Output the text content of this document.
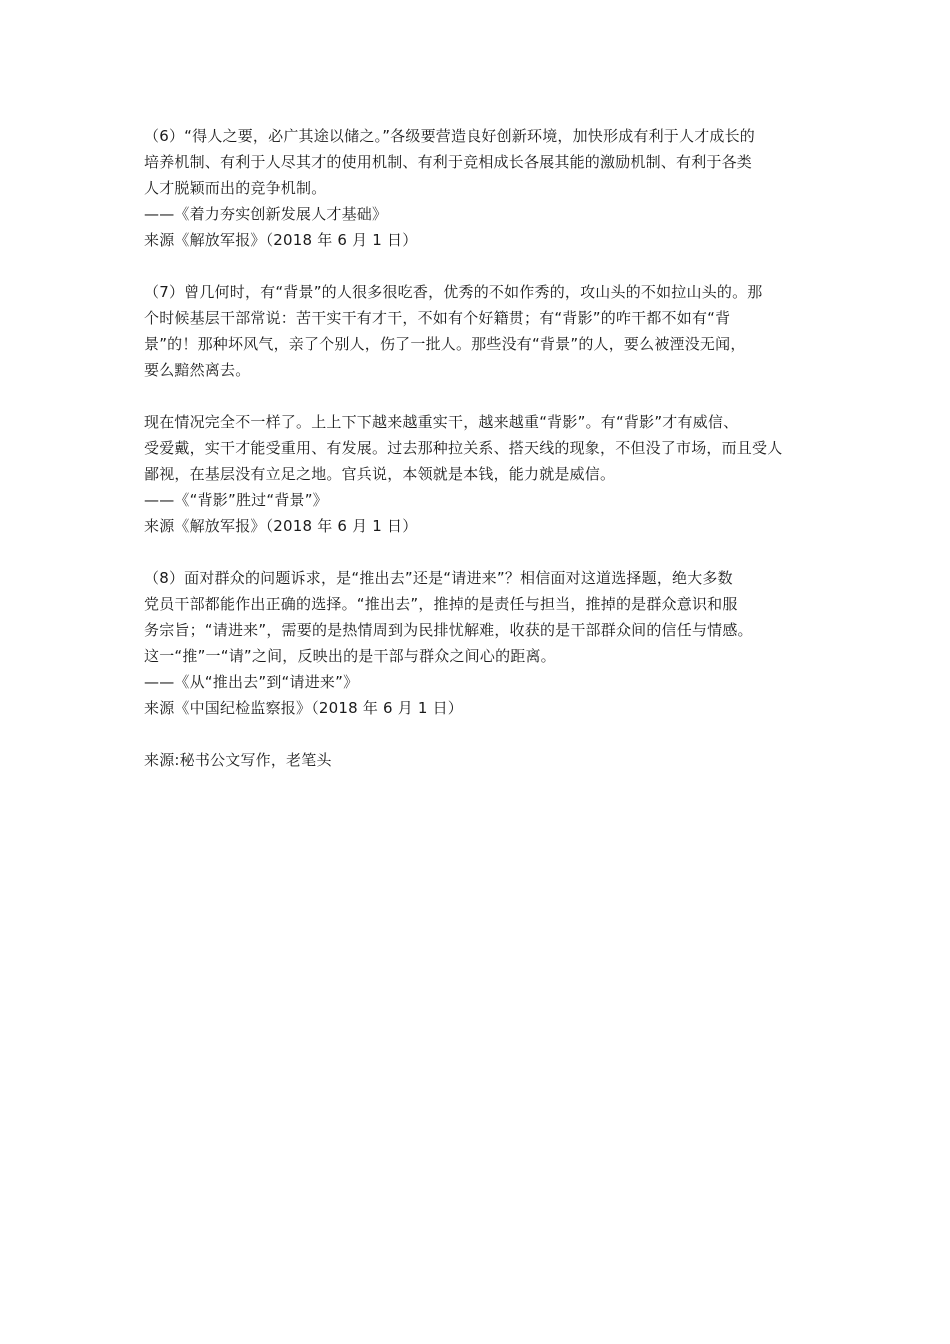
（6）“得人之要，必广其途以储之。”各级要营造良好创新环境，加快形成有利于人才成长的
培养机制、有利于人尽其才的使用机制、有利于竞相成长各展其能的激励机制、有利于各类
人才脱颖而出的竞争机制。
——《着力夯实创新发展人才基础》
来源《解放军报》（2018 年 6 月 1 日）
（7）曾几何时，有“背景”的人很多很吃香，优秀的不如作秀的，攻山头的不如拉山头的。那
个时候基层干部常说：苦干实干有才干，不如有个好籍贯；有“背影”的咋干都不如有“背
景”的！那种坏风气，亲了个别人，伤了一批人。那些没有“背景”的人，要么被湮没无闻，
要么黯然离去。
现在情况完全不一样了。上上下下越来越重实干，越来越重“背影”。有“背影”才有威信、
受爱戴，实干才能受重用、有发展。过去那种拉关系、搭天线的现象，不但没了市场，而且受人
鄙视，在基层没有立足之地。官兵说，本领就是本钱，能力就是威信。
——《“背影”胜过“背景”》
来源《解放军报》（2018 年 6 月 1 日）
（8）面对群众的问题诉求，是“推出去”还是“请进来”？相信面对这道选择题，绝大多数
党员干部都能作出正确的选择。“推出去”，推掉的是责任与担当，推掉的是群众意识和服
务宗旨；“请进来”，需要的是热情周到为民排忧解难，收获的是干部群众间的信任与情感。
这一“推”一“请”之间，反映出的是干部与群众之间心的距离。
——《从“推出去”到“请进来”》
来源《中国纪检监察报》（2018 年 6 月 1 日）
来源:秘书公文写作，老笔头
